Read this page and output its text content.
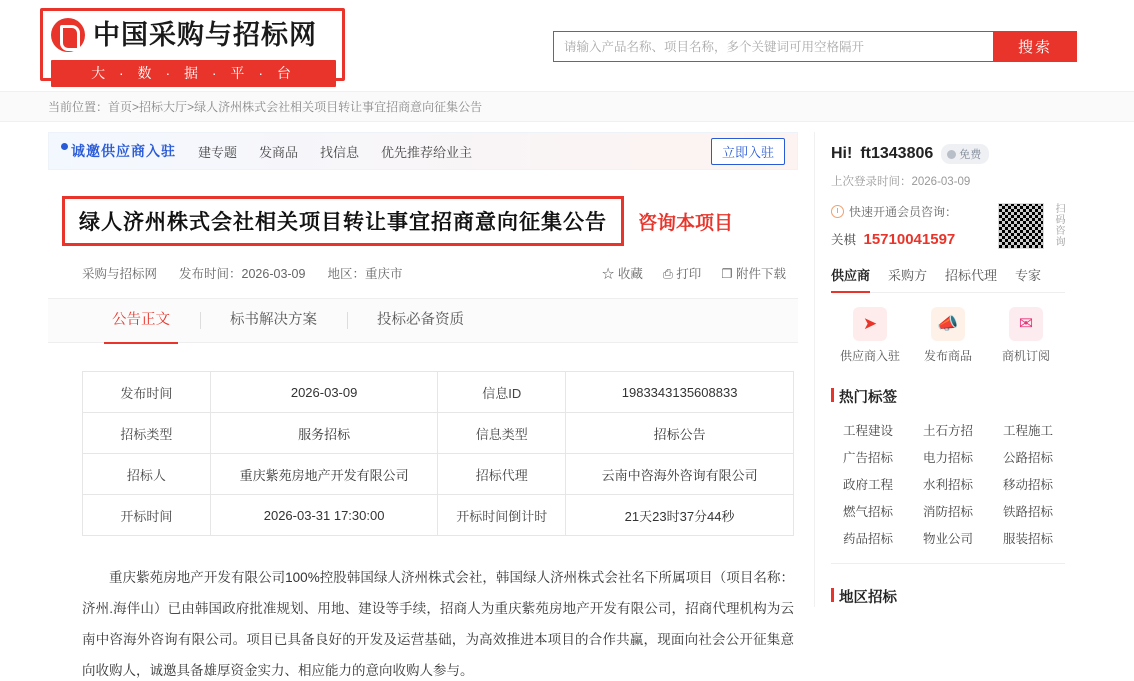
中国采购与招标网
大 · 数 · 据 · 平 · 台
请输入产品名称、项目名称，多个关键词可用空格隔开
搜索
当前位置：首页>招标大厅>绿人济州株式会社相关项目转让事宜招商意向征集公告
诚邀供应商入驻 建专题 发商品 找信息 优先推荐给业主	立即入驻
绿人济州株式会社相关项目转让事宜招商意向征集公告	咨询本项目
采购与招标网 发布时间：2026-03-09 地区：重庆市	☆ 收藏 ⎙ 打印 ❐ 附件下载
公告正文	标书解决方案	投标必备资质
发布时间	2026-03-09	信息ID	1983343135608833
招标类型	服务招标	信息类型	招标公告
招标人	重庆紫苑房地产开发有限公司	招标代理	云南中咨海外咨询有限公司
开标时间	2026-03-31 17:30:00	开标时间倒计时	21天23时37分44秒

重庆紫苑房地产开发有限公司100%控股韩国绿人济州株式会社，韩国绿人济州株式会社名下所属项目（项目名称：济州.海伴山）已由韩国政府批准规划、用地、建设等手续，招商人为重庆紫苑房地产开发有限公司，招商代理机构为云南中咨海外咨询有限公司。项目已具备良好的开发及运营基础，为高效推进本项目的合作共赢，现面向社会公开征集意向收购人，诚邀具备雄厚资金实力、相应能力的意向收购人参与。

Hi! ft1343806 免费
上次登录时间：2026-03-09
快速开通会员咨询：
关棋 15710041597	扫码咨询
供应商 采购方 招标代理 专家
➤
供应商入驻
📣
发布商品
✉
商机订阅
热门标签
工程建设	土石方招	工程施工
广告招标	电力招标	公路招标
政府工程	水利招标	移动招标
燃气招标	消防招标	铁路招标
药品招标	物业公司	服装招标
地区招标
